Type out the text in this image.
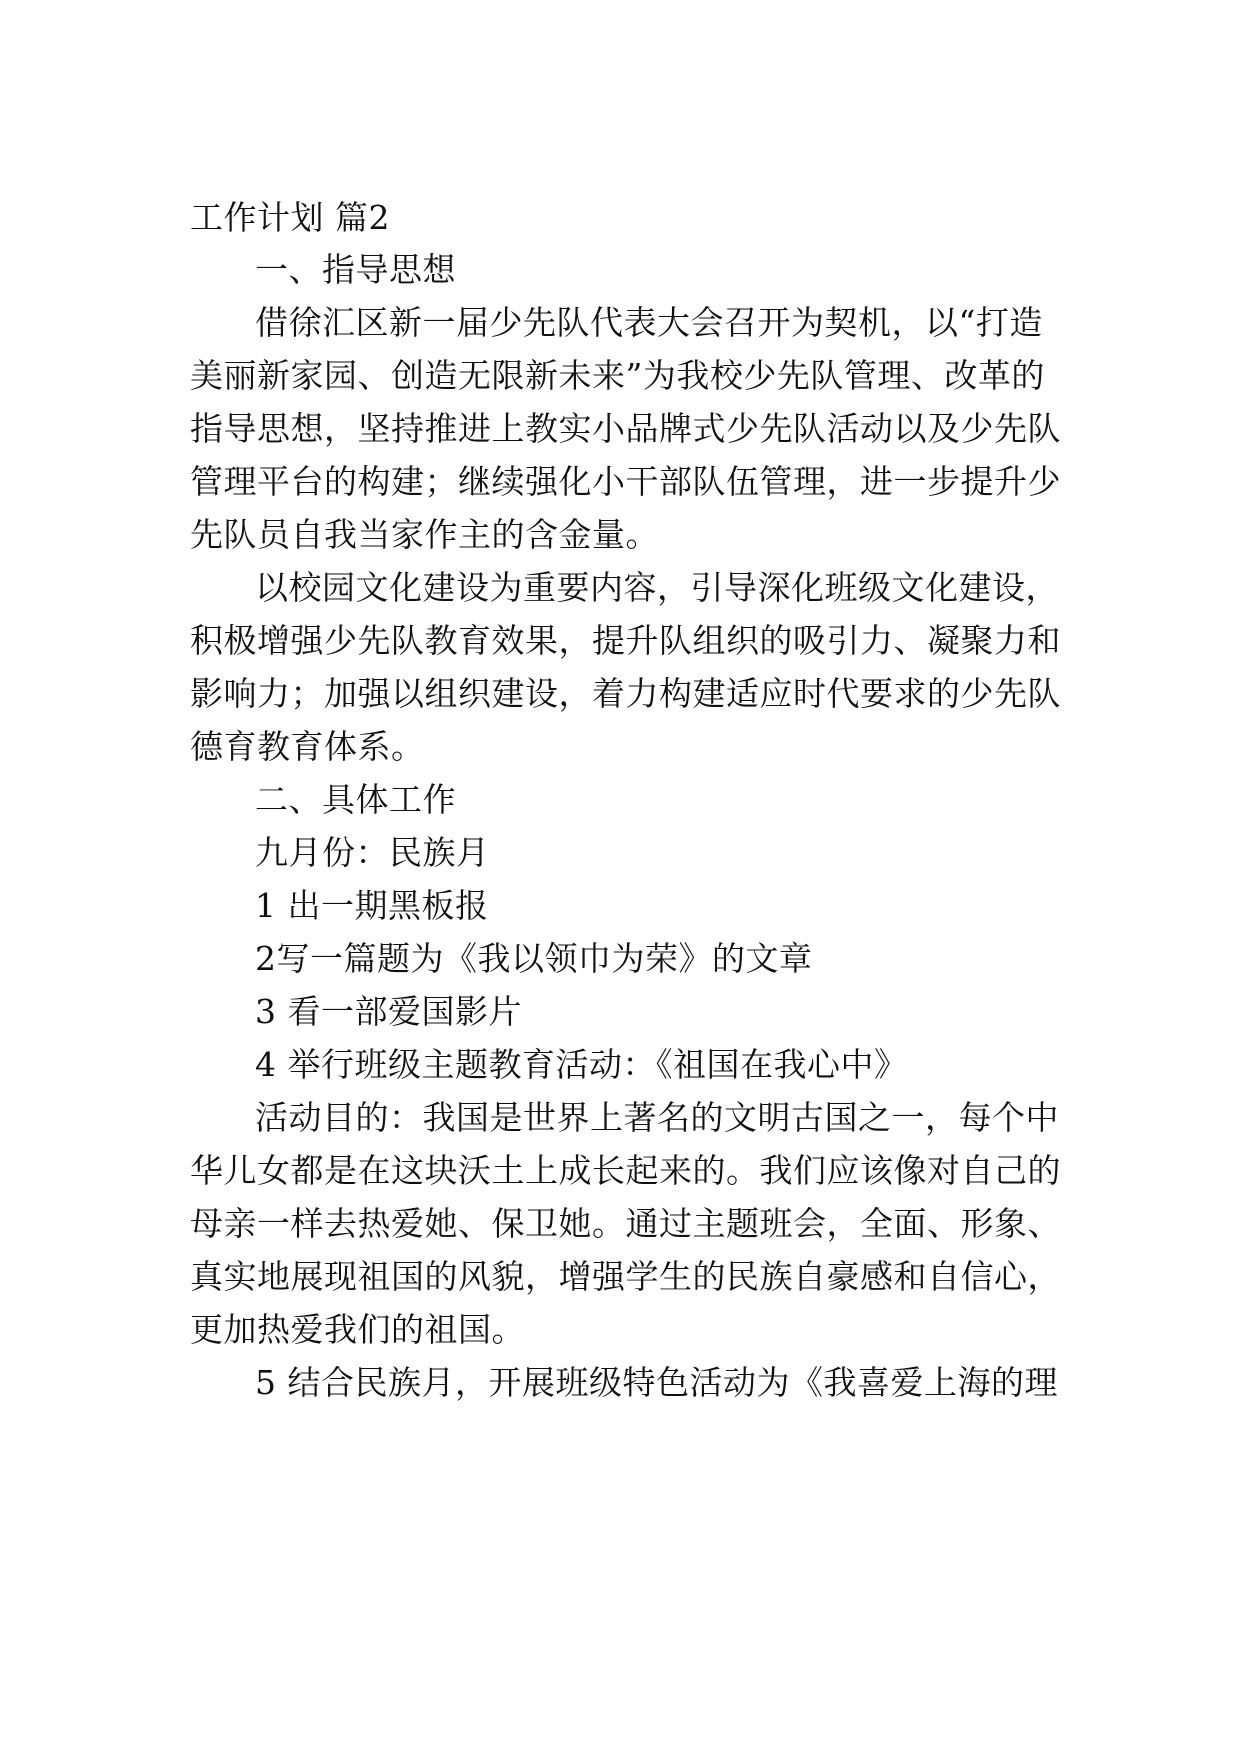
工作计划 篇2
一、指导思想
借徐汇区新一届少先队代表大会召开为契机，以“打造
美丽新家园、创造无限新未来”为我校少先队管理、改革的
指导思想，坚持推进上教实小品牌式少先队活动以及少先队
管理平台的构建；继续强化小干部队伍管理，进一步提升少
先队员自我当家作主的含金量。
以校园文化建设为重要内容，引导深化班级文化建设，
积极增强少先队教育效果，提升队组织的吸引力、凝聚力和
影响力；加强以组织建设，着力构建适应时代要求的少先队
德育教育体系。
二、具体工作
九月份：民族月
1 出一期黑板报
2写一篇题为《我以领巾为荣》的文章
3 看一部爱国影片
4 举行班级主题教育活动：《祖国在我心中》
活动目的：我国是世界上著名的文明古国之一，每个中
华儿女都是在这块沃土上成长起来的。我们应该像对自己的
母亲一样去热爱她、保卫她。通过主题班会，全面、形象、
真实地展现祖国的风貌，增强学生的民族自豪感和自信心，
更加热爱我们的祖国。
5 结合民族月，开展班级特色活动为《我喜爱上海的理
